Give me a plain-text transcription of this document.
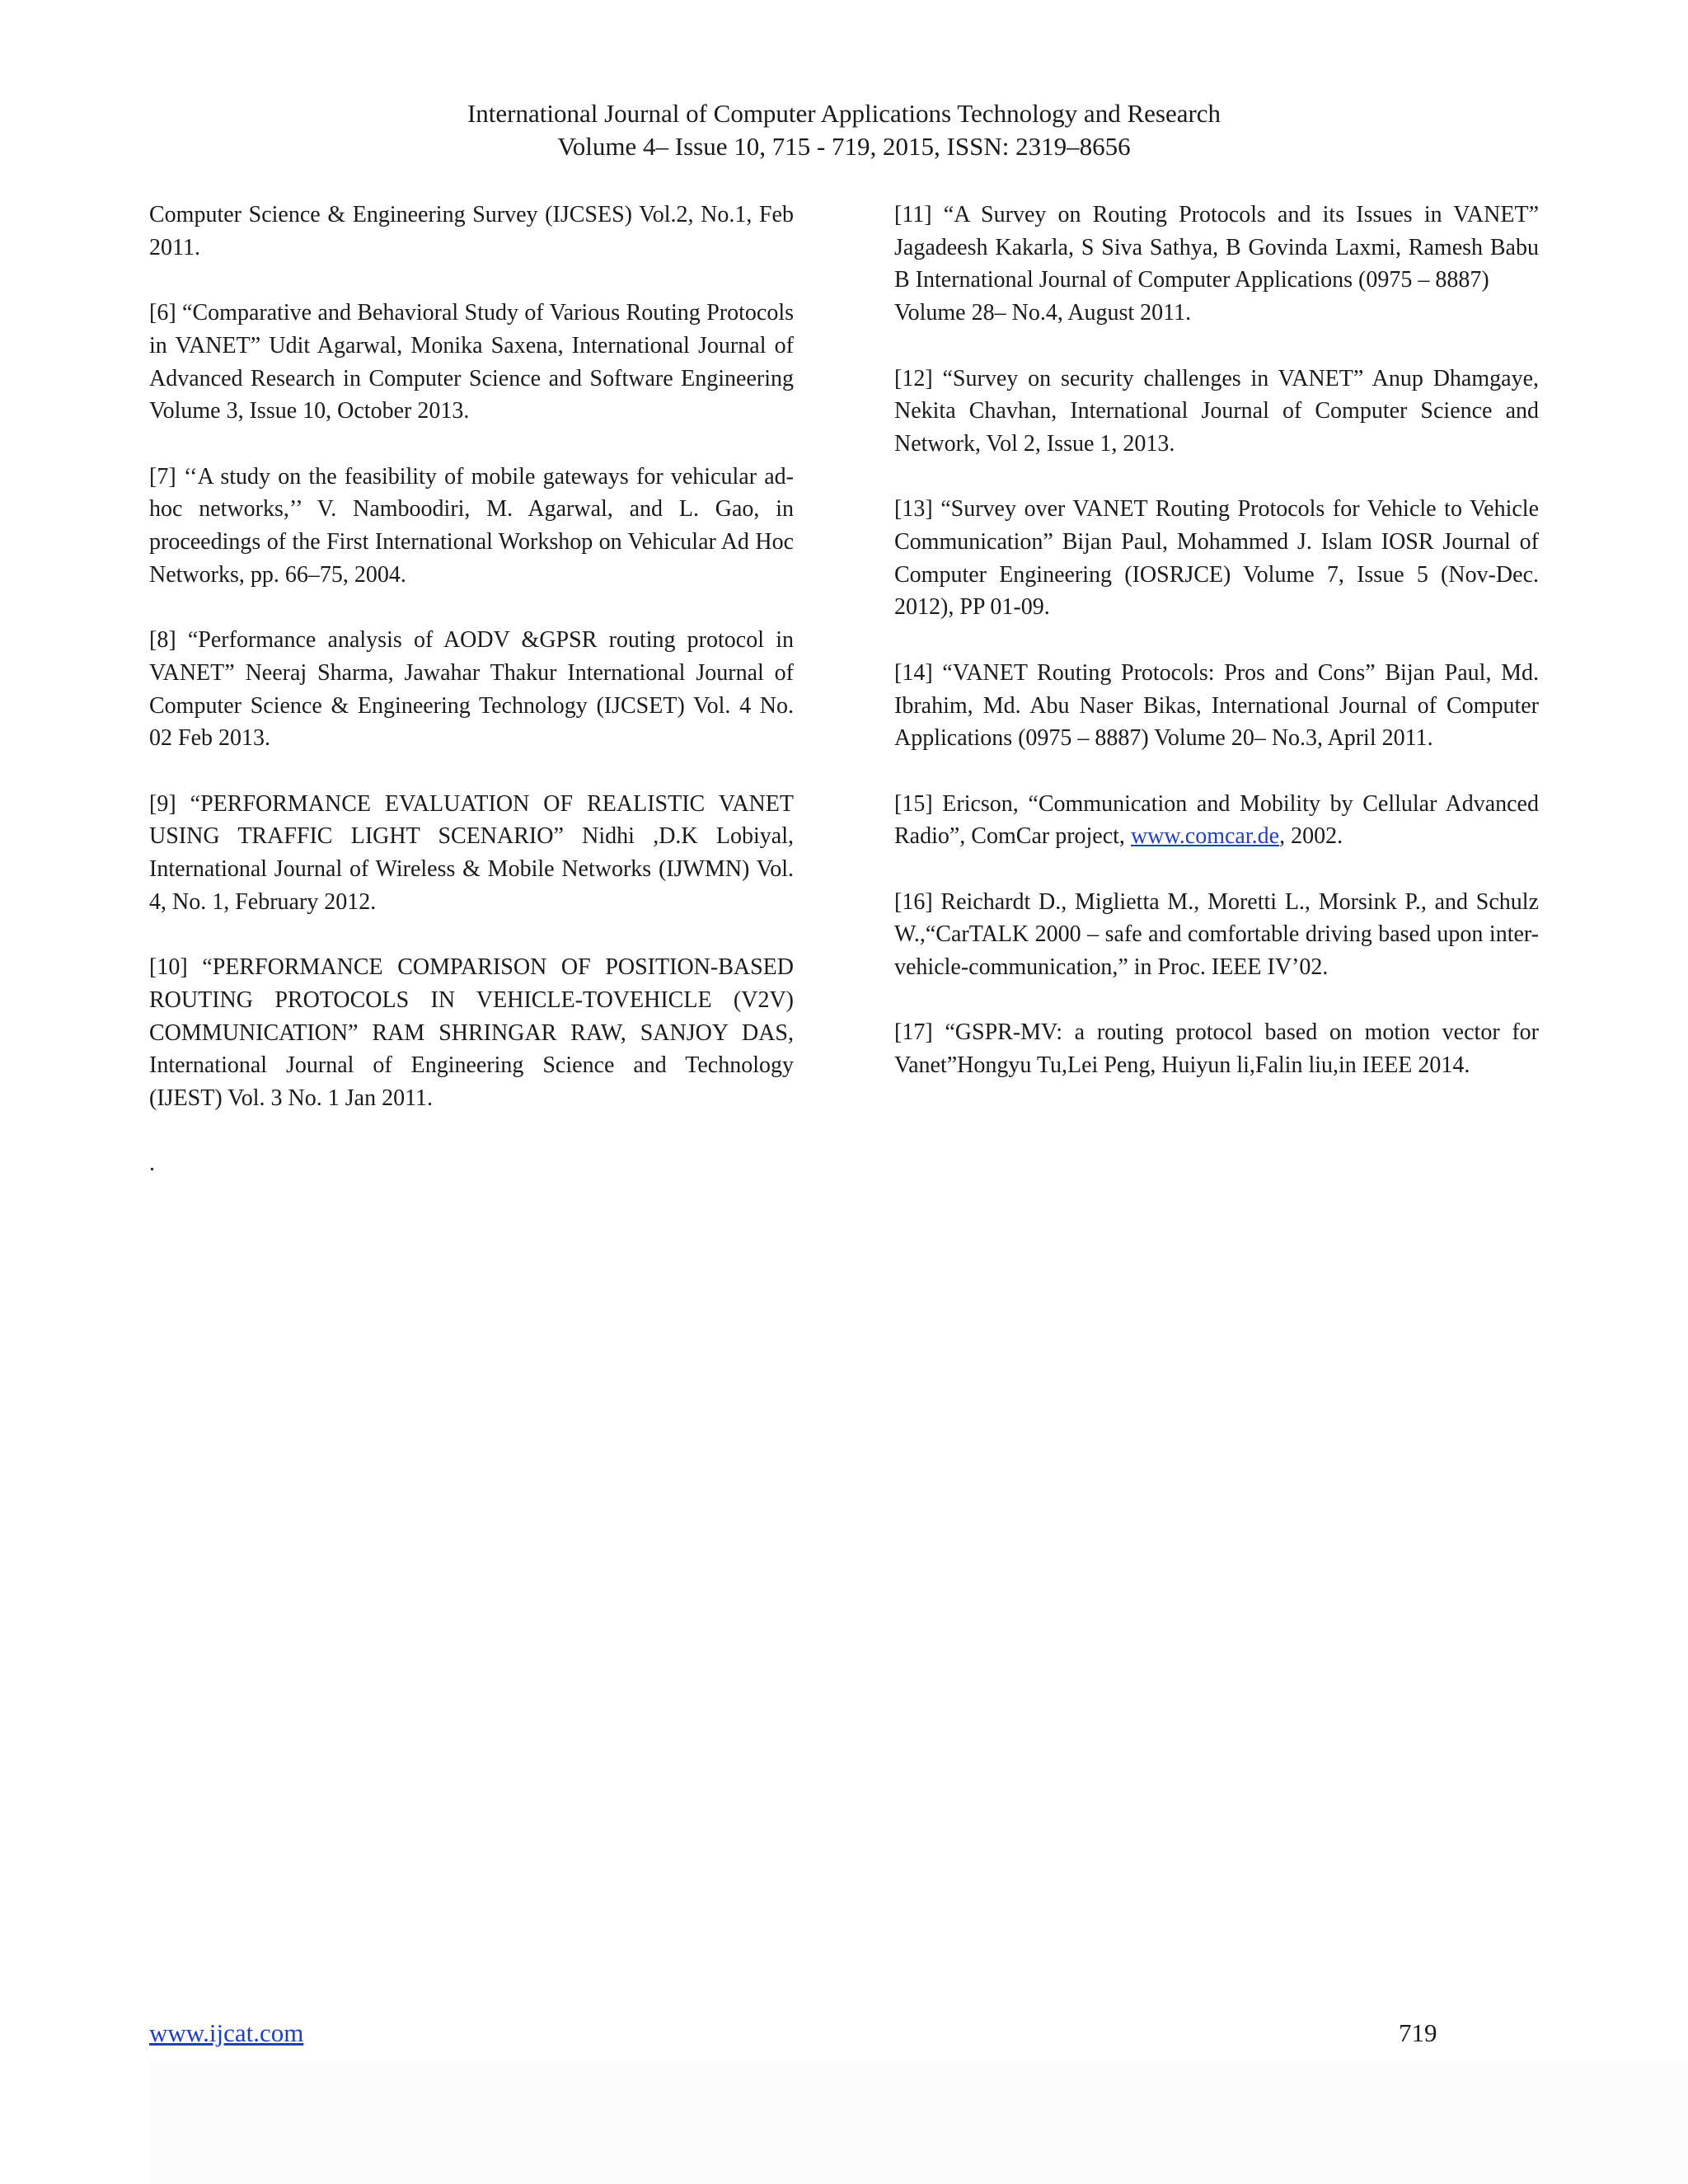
International Journal of Computer Applications Technology and Research
Volume 4– Issue 10, 715 - 719, 2015, ISSN: 2319–8656

Computer Science & Engineering Survey (IJCSES) Vol.2, No.1, Feb 2011.

[6] “Comparative and Behavioral Study of Various Routing Protocols in VANET” Udit Agarwal, Monika Saxena, International Journal of Advanced Research in Computer Science and Software Engineering Volume 3, Issue 10, October 2013.

[7] ‘‘A study on the feasibility of mobile gateways for vehicular ad-hoc networks,’’ V. Namboodiri, M. Agarwal, and L. Gao, in proceedings of the First International Workshop on Vehicular Ad Hoc Networks, pp. 66–75, 2004.

[8] “Performance analysis of AODV &GPSR routing protocol in VANET” Neeraj Sharma, Jawahar Thakur International Journal of Computer Science & Engineering Technology (IJCSET) Vol. 4 No. 02 Feb 2013.

[9] “PERFORMANCE EVALUATION OF REALISTIC VANET USING TRAFFIC LIGHT SCENARIO” Nidhi ,D.K Lobiyal, International Journal of Wireless & Mobile Networks (IJWMN) Vol. 4, No. 1, February 2012.

[10] “PERFORMANCE COMPARISON OF POSITION-BASED ROUTING PROTOCOLS IN VEHICLE-TOVEHICLE (V2V) COMMUNICATION” RAM SHRINGAR RAW, SANJOY DAS, International Journal of Engineering Science and Technology (IJEST) Vol. 3 No. 1 Jan 2011.

.

[11] “A Survey on Routing Protocols and its Issues in VANET” Jagadeesh Kakarla, S Siva Sathya, B Govinda Laxmi, Ramesh Babu B International Journal of Computer Applications (0975 – 8887)
Volume 28– No.4, August 2011.

[12] “Survey on security challenges in VANET” Anup Dhamgaye, Nekita Chavhan, International Journal of Computer Science and Network, Vol 2, Issue 1, 2013.

[13] “Survey over VANET Routing Protocols for Vehicle to Vehicle Communication” Bijan Paul, Mohammed J. Islam IOSR Journal of Computer Engineering (IOSRJCE) Volume 7, Issue 5 (Nov-Dec. 2012), PP 01-09.

[14] “VANET Routing Protocols: Pros and Cons” Bijan Paul, Md. Ibrahim, Md. Abu Naser Bikas, International Journal of Computer Applications (0975 – 8887) Volume 20– No.3, April 2011.

[15] Ericson, “Communication and Mobility by Cellular Advanced Radio”, ComCar project, www.comcar.de, 2002.

[16] Reichardt D., Miglietta M., Moretti L., Morsink P., and Schulz W.,“CarTALK 2000 – safe and comfortable driving based upon inter-vehicle-communication,” in Proc. IEEE IV’02.

[17] “GSPR-MV: a routing protocol based on motion vector for Vanet”Hongyu Tu,Lei Peng, Huiyun li,Falin liu,in IEEE 2014.

www.ijcat.com	719
